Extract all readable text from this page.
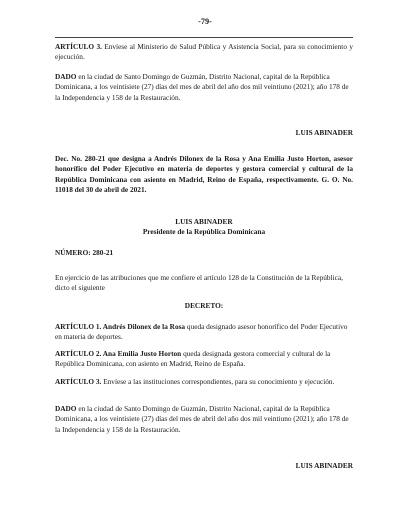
-79-

ARTÍCULO 3. Envíese al Ministerio de Salud Pública y Asistencia Social, para su conocimiento y ejecución.

DADO en la ciudad de Santo Domingo de Guzmán, Distrito Nacional, capital de la República Dominicana, a los veintisiete (27) días del mes de abril del año dos mil veintiuno (2021); año 178 de la Independencia y 158 de la Restauración.

LUIS ABINADER

Dec. No. 280-21 que designa a Andrés Dilonex de la Rosa y Ana Emilia Justo Horton, asesor honorífico del Poder Ejecutivo en materia de deportes y gestora comercial y cultural de la República Dominicana con asiento en Madrid, Reino de España, respectivamente. G. O. No. 11018 del 30 de abril de 2021.

LUIS ABINADER

Presidente de la República Dominicana

NÚMERO: 280-21

En ejercicio de las atribuciones que me confiere el artículo 128 de la Constitución de la República, dicto el siguiente

DECRETO:

ARTÍCULO 1. Andrés Dilonex de la Rosa queda designado asesor honorífico del Poder Ejecutivo en materia de deportes.

ARTÍCULO 2. Ana Emilia Justo Horton queda designada gestora comercial y cultural de la República Dominicana, con asiento en Madrid, Reino de España.

ARTÍCULO 3. Envíese a las instituciones correspondientes, para su conocimiento y ejecución.

DADO en la ciudad de Santo Domingo de Guzmán, Distrito Nacional, capital de la República Dominicana, a los veintisiete (27) días del mes de abril del año dos mil veintiuno (2021); año 178 de la Independencia y 158 de la Restauración.

LUIS ABINADER
